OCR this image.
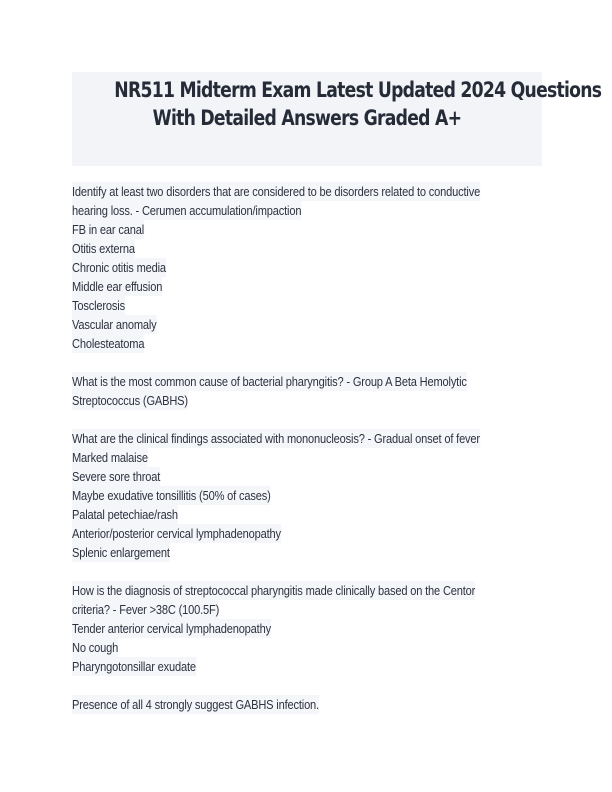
NR511 Midterm Exam Latest Updated 2024 Questions
With Detailed Answers Graded A+
Identify at least two disorders that are considered to be disorders related to conductive
hearing loss. - Cerumen accumulation/impaction
FB in ear canal
Otitis externa
Chronic otitis media
Middle ear effusion
Tosclerosis
Vascular anomaly
Cholesteatoma
What is the most common cause of bacterial pharyngitis? - Group A Beta Hemolytic
Streptococcus (GABHS)
What are the clinical findings associated with mononucleosis? - Gradual onset of fever
Marked malaise
Severe sore throat
Maybe exudative tonsillitis (50% of cases)
Palatal petechiae/rash
Anterior/posterior cervical lymphadenopathy
Splenic enlargement
How is the diagnosis of streptococcal pharyngitis made clinically based on the Centor
criteria? - Fever >38C (100.5F)
Tender anterior cervical lymphadenopathy
No cough
Pharyngotonsillar exudate
Presence of all 4 strongly suggest GABHS infection.
